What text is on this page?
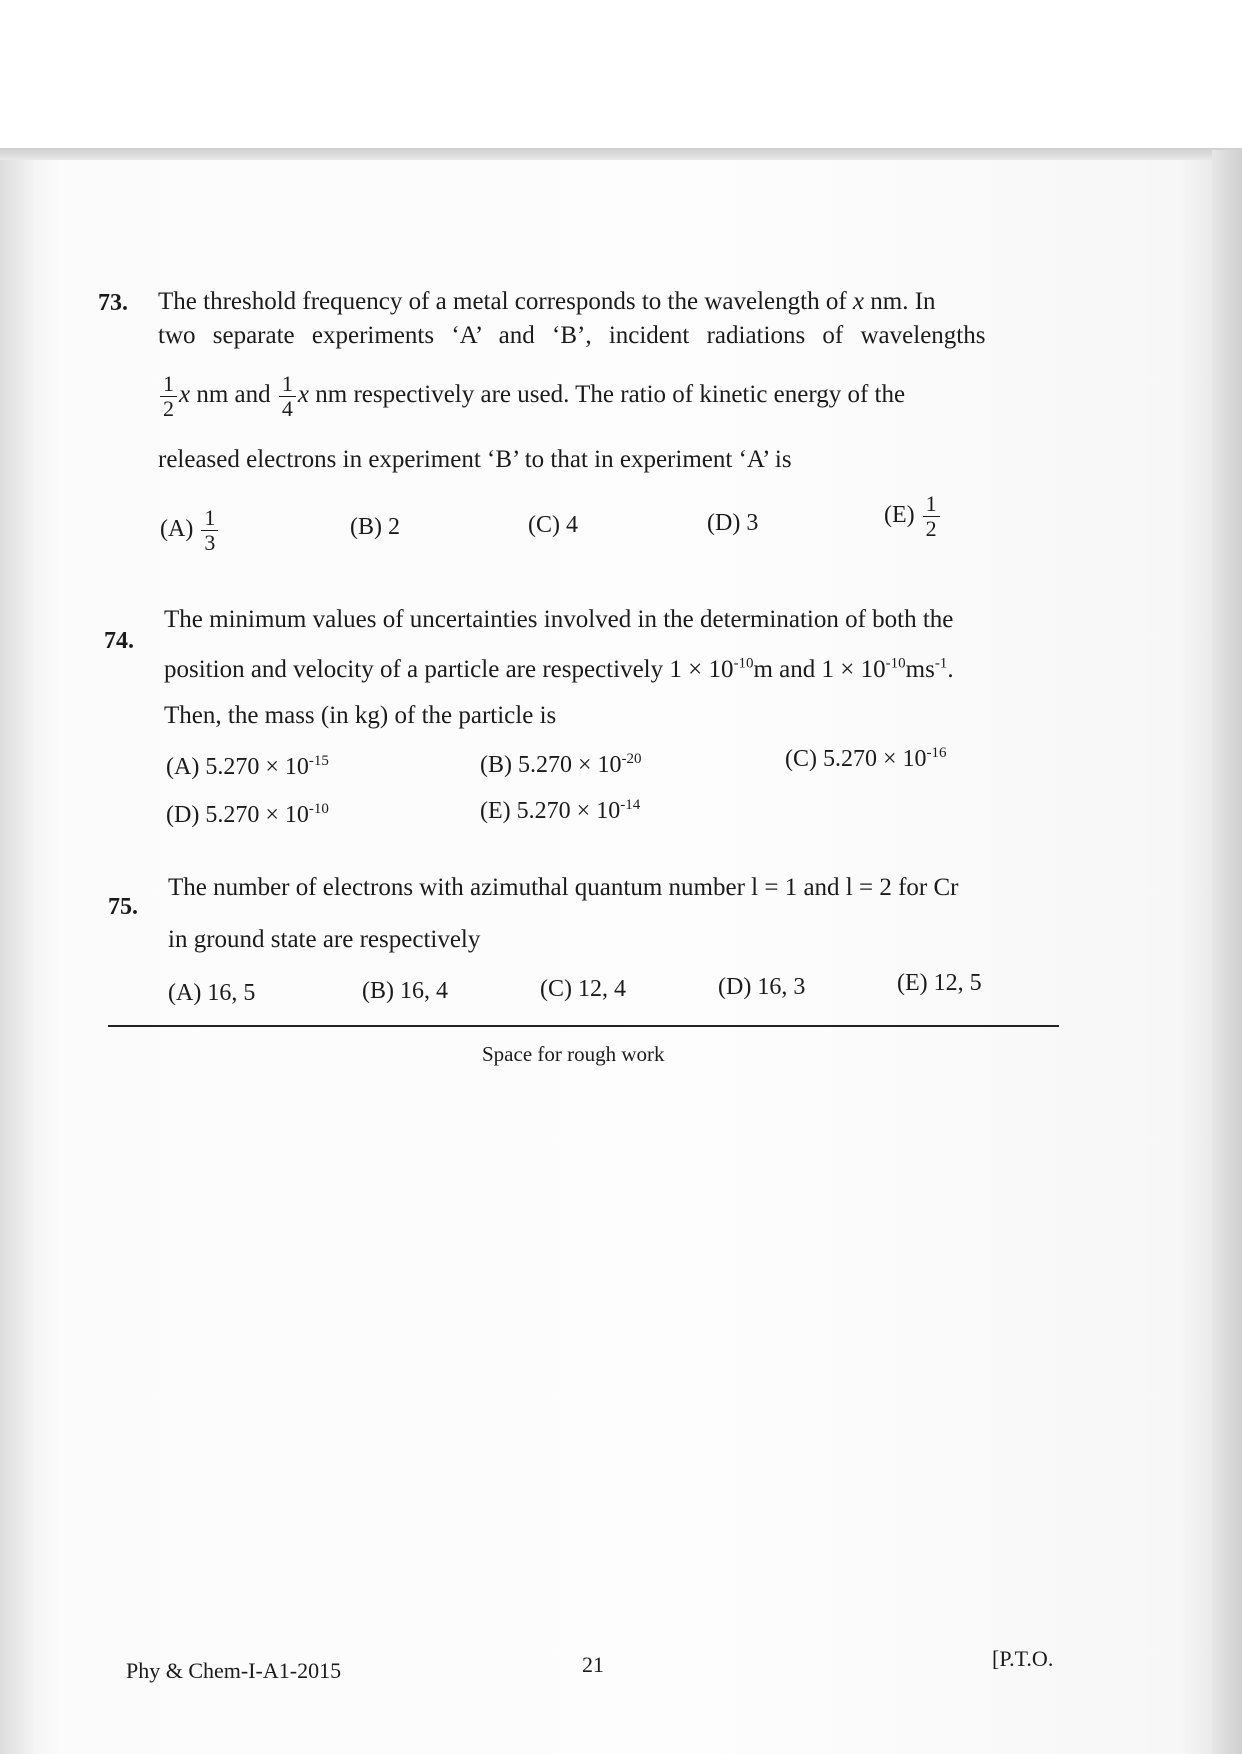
73. The threshold frequency of a metal corresponds to the wavelength of x nm. In
two separate experiments ‘A’ and ‘B’, incident radiations of wavelengths
$\frac{1}{2}$ x nm and $\frac{1}{4}$ x nm respectively are used. The ratio of kinetic energy of the
released electrons in experiment ‘B’ to that in experiment ‘A’ is
$(A) \frac{1}{3}$	(B) 2	(C) 4	(D) 3	$(E) \frac{1}{2}$
74.
The minimum values of uncertainties involved in the determination of both the
position and velocity of a particle are respectively $1 \times 10^{-10}m$ and $1 \times 10^{-10}ms^{-1}$.
Then, the mass (in kg) of the particle is
(A) $5.270 \times 10^{-15}$	(B) $5.270 \times 10^{-20}$	(C) $5.270 \times 10^{-16}$
(D) $5.270 \times 10^{-10}$	(E) $5.270 \times 10^{-14}$
75.
The number of electrons with azimuthal quantum number l = 1 and l = 2 for Cr
in ground state are respectively
(A) 16, 5	(B) 16, 4	(C) 12, 4	(D) 16, 3	(E) 12, 5
Space for rough work
Phy & Chem-I-A1-2015	21	[P.T.O.
